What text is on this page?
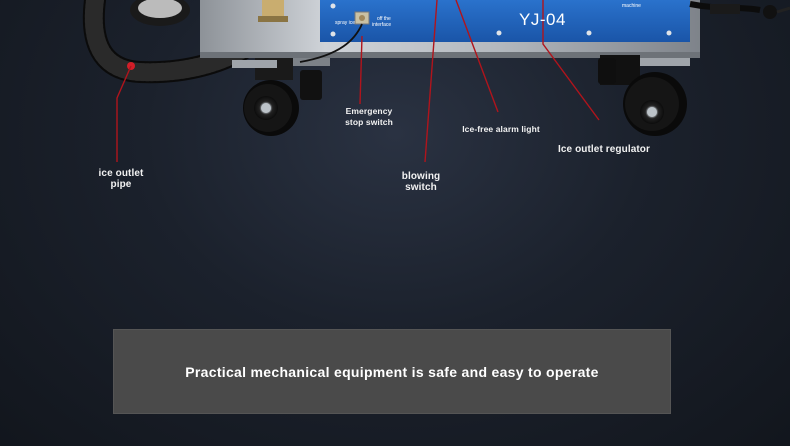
spray ice
off the
interface
machine
YJ-04
ice outlet
pipe
Emergency
stop switch
Ice-free alarm light
Ice outlet regulator
blowing
switch
Practical mechanical equipment is safe and easy to operate
